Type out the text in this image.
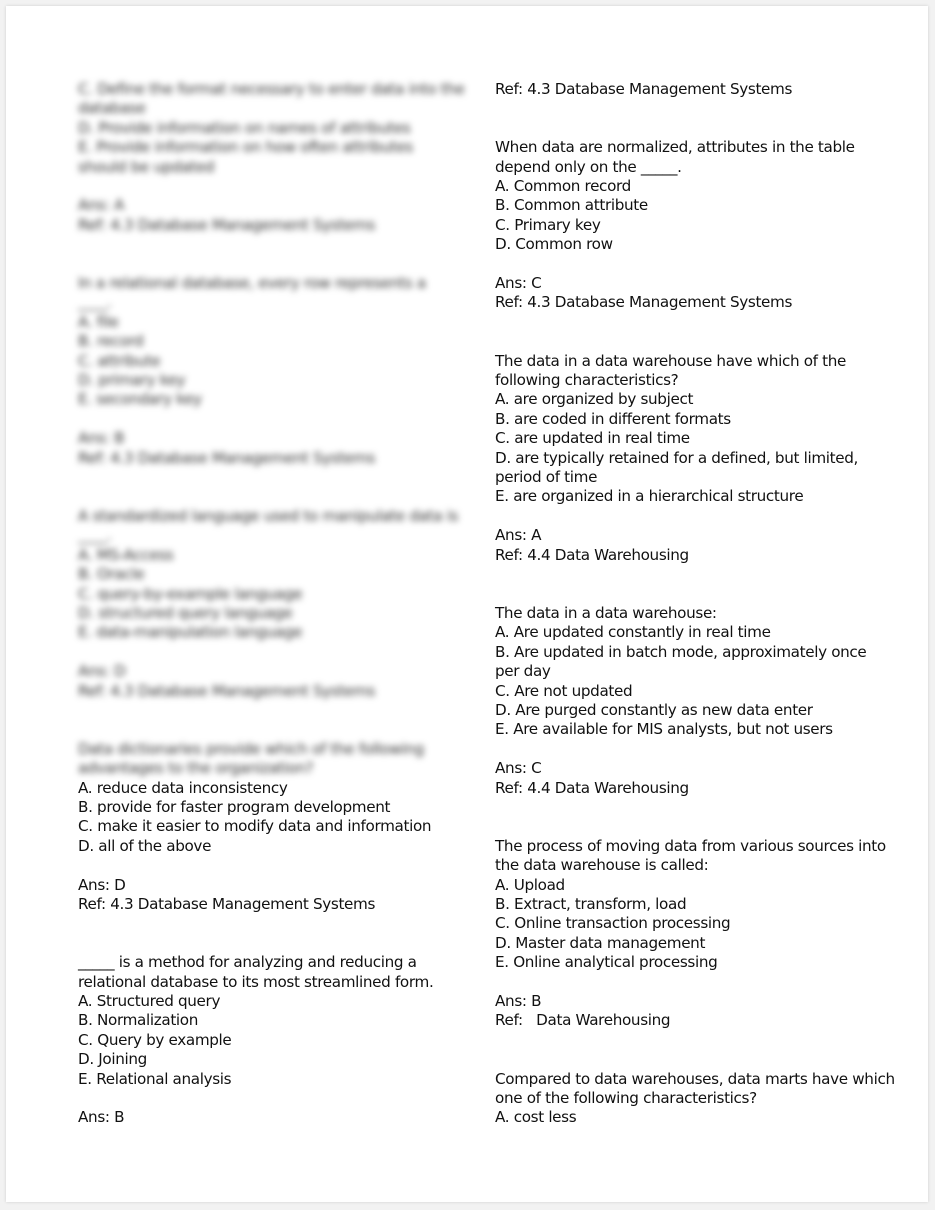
C. Define the format necessary to enter data into the
database
D. Provide information on names of attributes
E. Provide information on how often attributes
should be updated
Ans: A
Ref: 4.3 Database Management Systems
In a relational database, every row represents a
____.
A. file
B. record
C. attribute
D. primary key
E. secondary key
Ans: B
Ref: 4.3 Database Management Systems
A standardized language used to manipulate data is
____.
A. MS-Access
B. Oracle
C. query-by-example language
D. structured query language
E. data-manipulation language
Ans: D
Ref: 4.3 Database Management Systems
Data dictionaries provide which of the following
advantages to the organization?
A. reduce data inconsistency
B. provide for faster program development
C. make it easier to modify data and information
D. all of the above
Ans: D
Ref: 4.3 Database Management Systems
_____ is a method for analyzing and reducing a
relational database to its most streamlined form.
A. Structured query
B. Normalization
C. Query by example
D. Joining
E. Relational analysis
Ans: B
Ref: 4.3 Database Management Systems
When data are normalized, attributes in the table
depend only on the _____.
A. Common record
B. Common attribute
C. Primary key
D. Common row
Ans: C
Ref: 4.3 Database Management Systems
The data in a data warehouse have which of the
following characteristics?
A. are organized by subject
B. are coded in different formats
C. are updated in real time
D. are typically retained for a defined, but limited,
period of time
E. are organized in a hierarchical structure
Ans: A
Ref: 4.4 Data Warehousing
The data in a data warehouse:
A. Are updated constantly in real time
B. Are updated in batch mode, approximately once
per day
C. Are not updated
D. Are purged constantly as new data enter
E. Are available for MIS analysts, but not users
Ans: C
Ref: 4.4 Data Warehousing
The process of moving data from various sources into
the data warehouse is called:
A. Upload
B. Extract, transform, load
C. Online transaction processing
D. Master data management
E. Online analytical processing
Ans: B
Ref:   Data Warehousing
Compared to data warehouses, data marts have which
one of the following characteristics?
A. cost less
